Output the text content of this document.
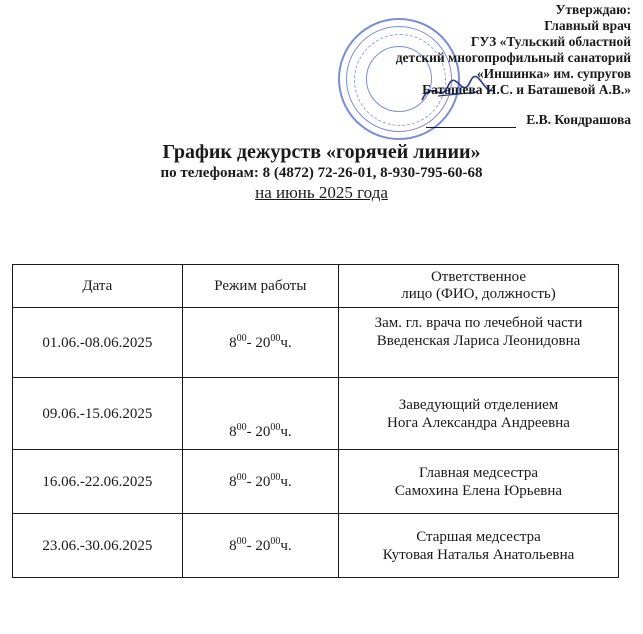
Утверждаю:
Главный врач
ГУЗ «Тульский областной
детский многопрофильный санаторий
«Иншинка» им. супругов
Баташева И.С. и Баташевой А.В.»
Е.В. Кондрашова
График дежурств «горячей линии»
по телефонам: 8 (4872) 72-26-01, 8-930-795-60-68
на июнь 2025 года
Дата	Режим работы	Ответственное
лицо (ФИО, должность)

01.06.-08.06.2025	$8^{00}-$ $20^{00}ч$.	Зам. гл. врача по лечебной части
Введенская Лариса Леонидовна

09.06.-15.06.2025	$8^{00}-$ $20^{00}ч$.	Заведующий отделением
Нога Александра Андреевна

16.06.-22.06.2025	$8^{00}-$ $20^{00}ч$.	Главная медсестра
Самохина Елена Юрьевна

23.06.-30.06.2025	$8^{00}-$ $20^{00}ч$.	Старшая медсестра
Кутовая Наталья Анатольевна
